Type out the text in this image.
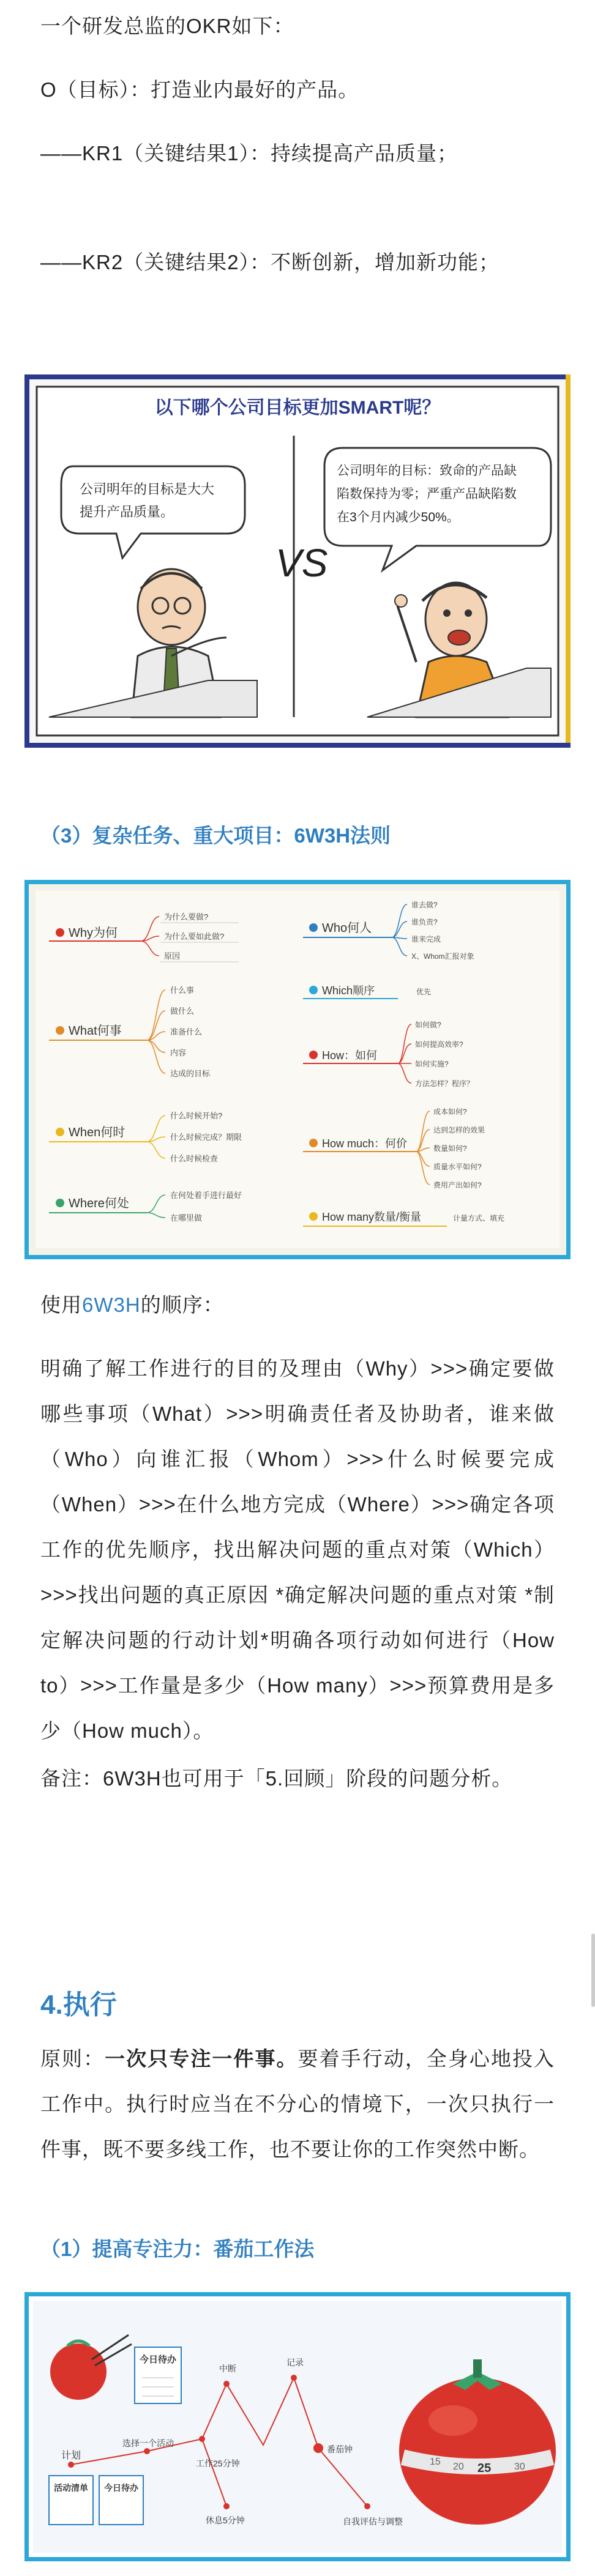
一个研发总监的OKR如下：

O（目标）：打造业内最好的产品。

——KR1（关键结果1）：持续提高产品质量；

——KR2（关键结果2）：不断创新，增加新功能；

以下哪个公司目标更加SMART呢？
公司明年的目标是大大
提升产品质量。
VS
公司明年的目标：致命的产品缺
陷数保持为零；严重产品缺陷数
在3个月内减少50%。

（3）复杂任务、重大项目：6W3H法则

Why为何
为什么要做?
为什么要如此做?
原因
What何事
什么事
做什么
准备什么
内容
达成的目标
When何时
什么时候开始?
什么时候完成？期限
什么时候检查
Where何处
在何处着手进行最好
在哪里做
Who何人
谁去做?
谁负责?
谁来完成
X、Whom汇报对象
Which顺序	优先
How：如何
如何做?
如何提高效率?
如何实施?
方法怎样？程序？
How much：何价
成本如何?
达到怎样的效果
数量如何?
质量水平如何?
费用产出如何?
How many数量/衡量	计量方式、填充

使用6W3H的顺序：

明确了解工作进行的目的及理由（Why）>>>确定要做哪些事项（What）>>>明确责任者及协助者，谁来做（Who）向谁汇报（Whom）>>>什么时候要完成（When）>>>在什么地方完成（Where）>>>确定各项工作的优先顺序，找出解决问题的重点对策（Which）>>>找出问题的真正原因 *确定解决问题的重点对策 *制定解决问题的行动计划*明确各项行动如何进行（How to）>>>工作量是多少（How many）>>>预算费用是多少（How much）。

备注：6W3H也可用于「5.回顾」阶段的问题分析。

4.执行

原则：一次只专注一件事。要着手行动，全身心地投入工作中。执行时应当在不分心的情境下，一次只执行一件事，既不要多线工作，也不要让你的工作突然中断。

（1）提高专注力：番茄工作法

今日待办
计划
活动清单 今日待办
选择一个活动
中断
记录
工作25分钟
番茄钟
休息5分钟	自我评估与调整
15 20 25 30
